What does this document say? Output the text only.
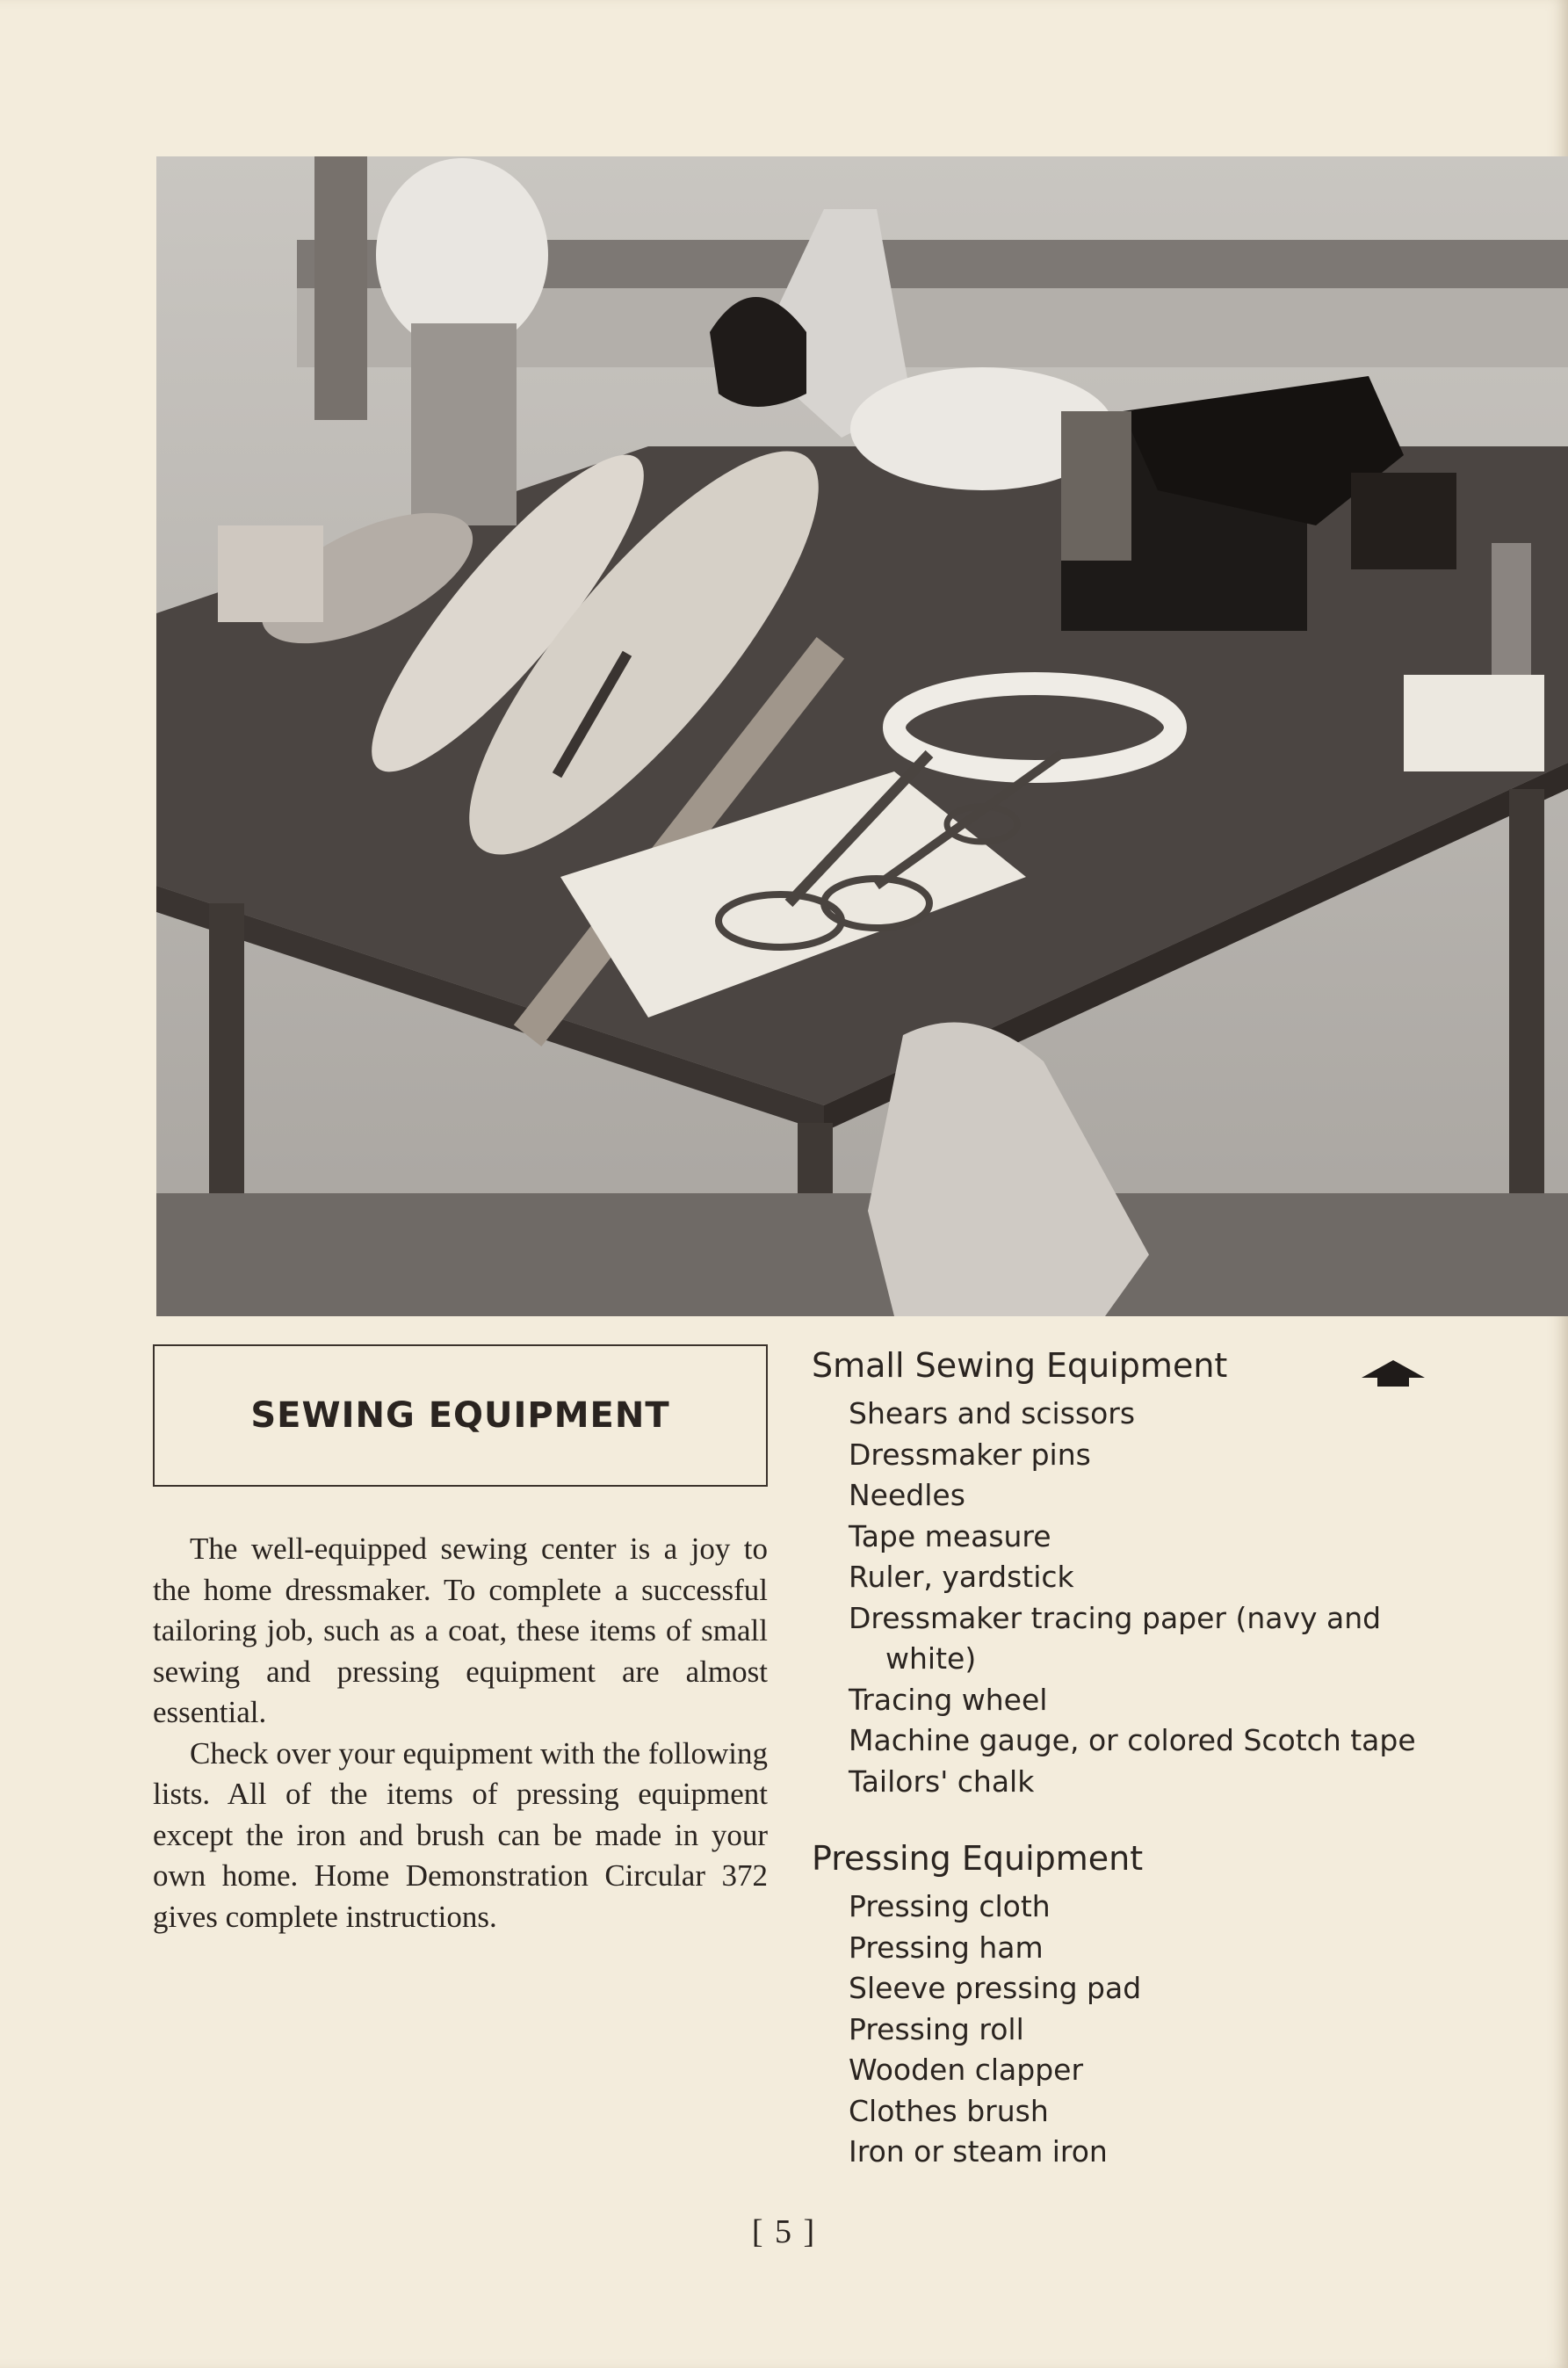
SEWING EQUIPMENT

The well-equipped sewing center is a joy to the home dressmaker. To complete a successful tailoring job, such as a coat, these items of small sewing and pressing equipment are almost essential.

Check over your equipment with the following lists. All of the items of pressing equipment except the iron and brush can be made in your own home. Home Demonstration Circular 372 gives complete instructions.

Small Sewing Equipment
Shears and scissors
Dressmaker pins
Needles
Tape measure
Ruler, yardstick
Dressmaker tracing paper (navy and white)
Tracing wheel
Machine gauge, or colored Scotch tape
Tailors' chalk
Pressing Equipment
Pressing cloth
Pressing ham
Sleeve pressing pad
Pressing roll
Wooden clapper
Clothes brush
Iron or steam iron
[ 5 ]
